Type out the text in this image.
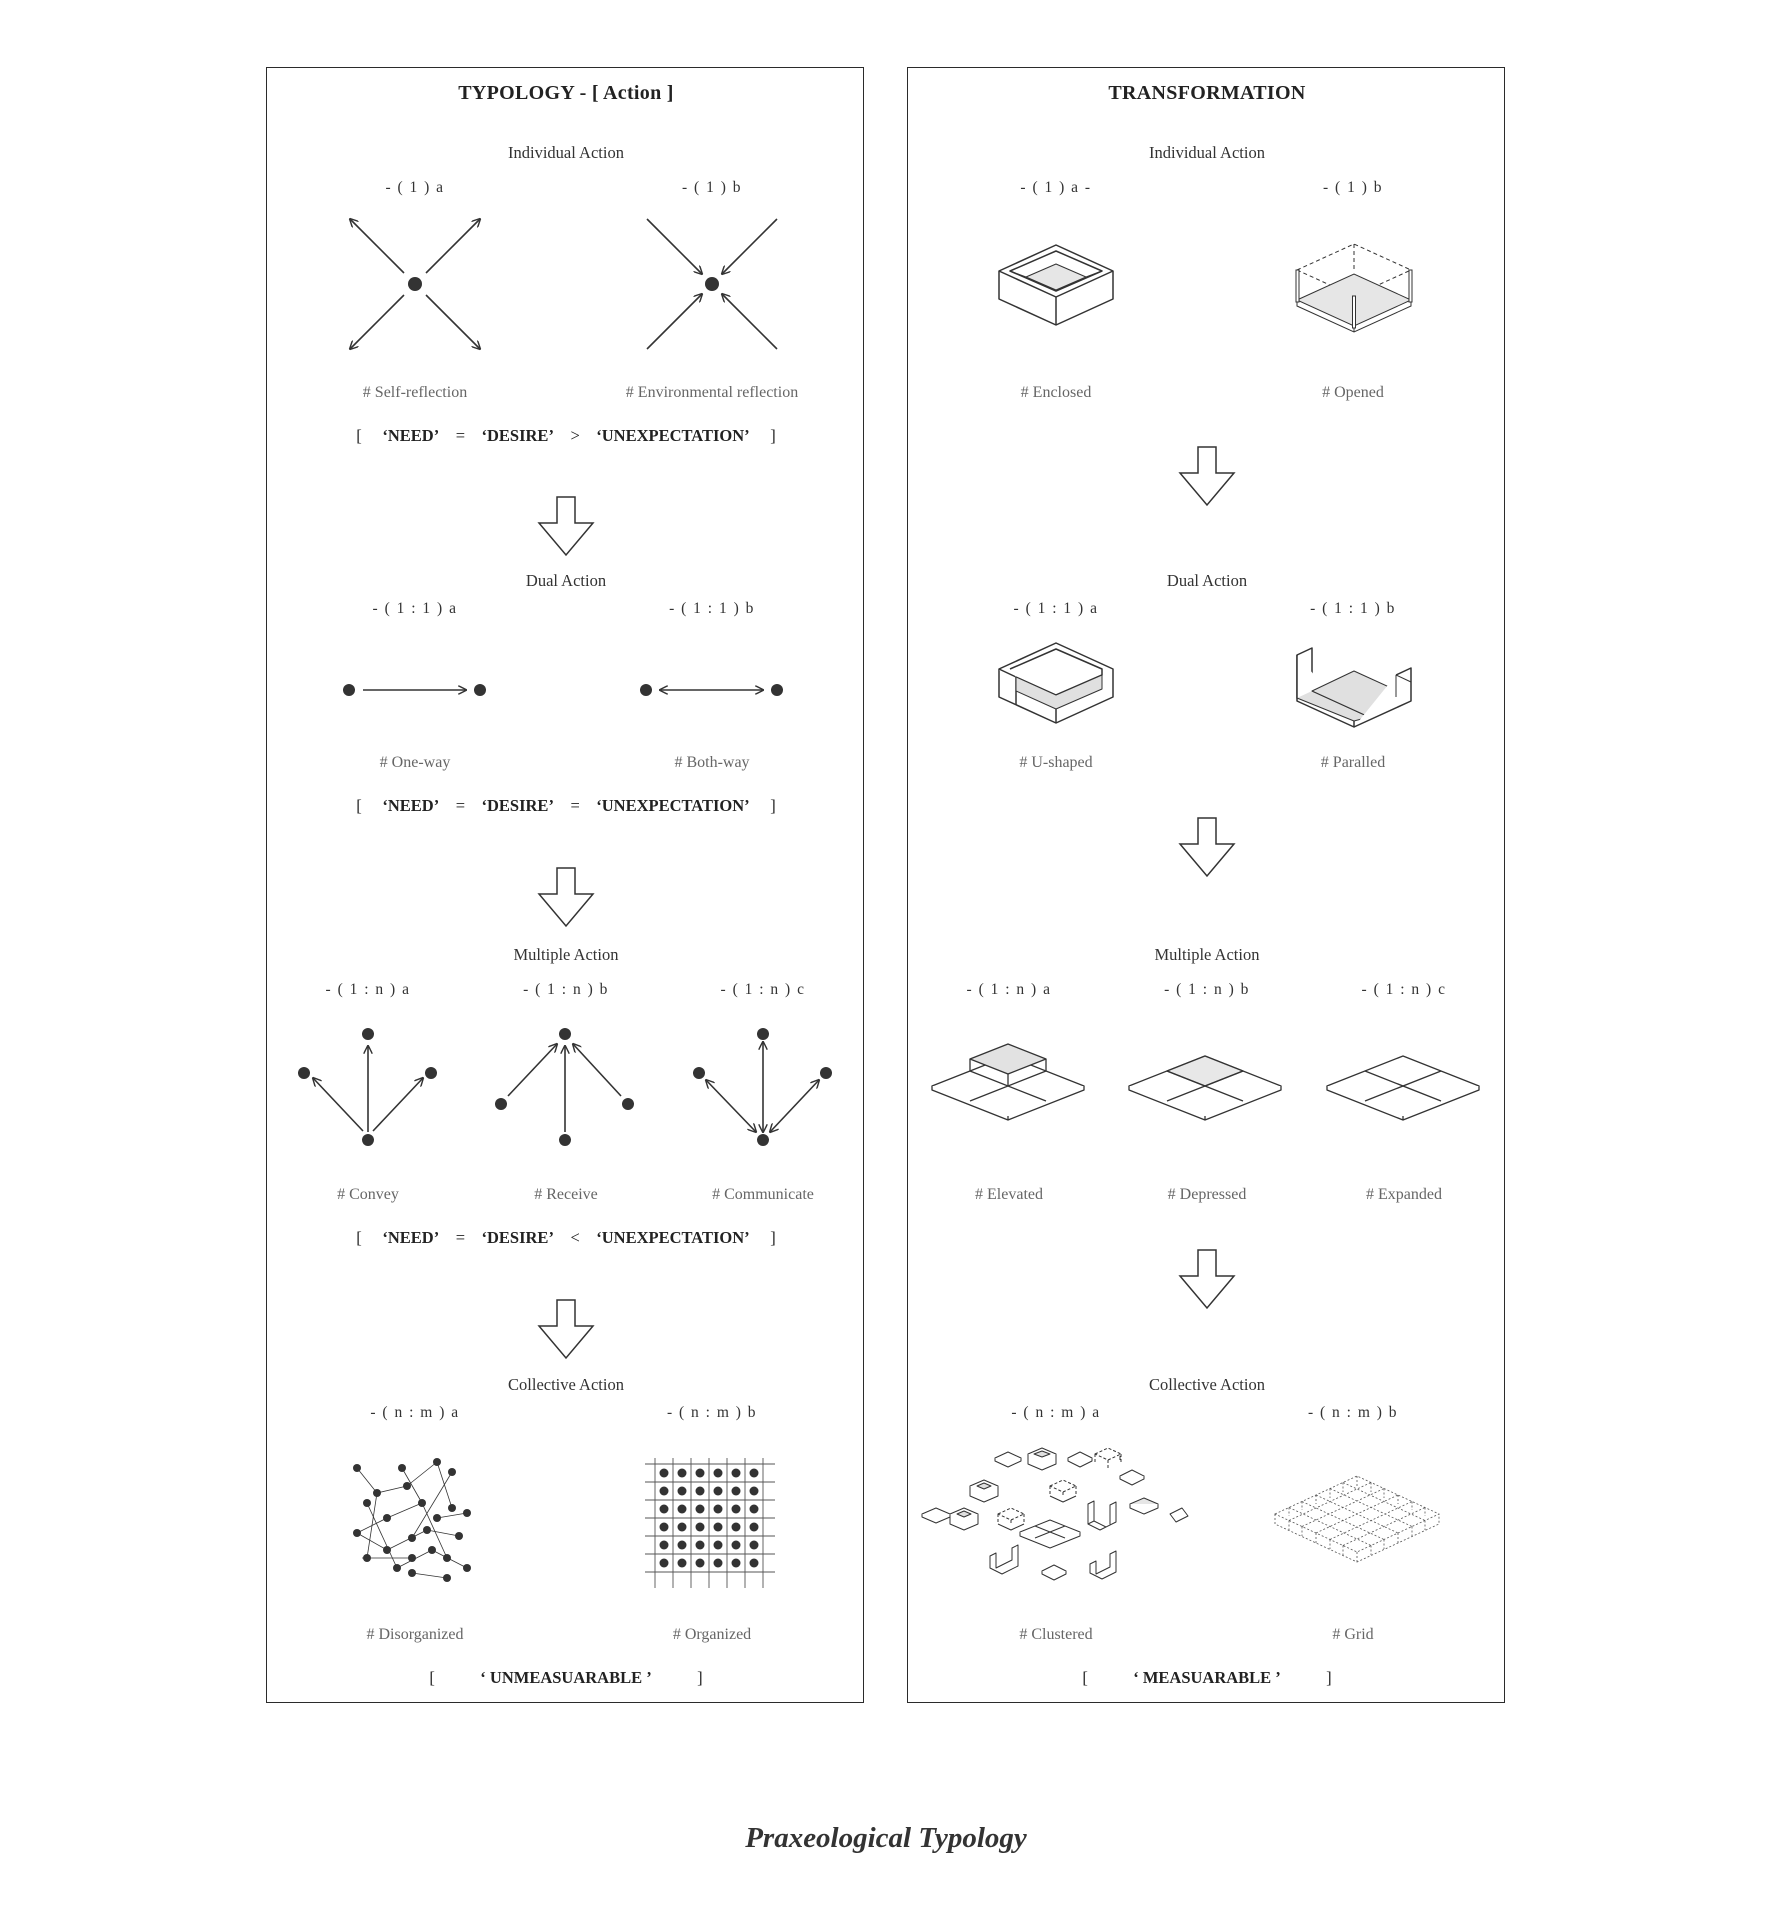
TYPOLOGY - [ Action ]
Individual Action
- ( 1 ) a	- ( 1 ) b
# Self-reflection	# Environmental reflection
[ ‘NEED’ = ‘DESIRE’ > ‘UNEXPECTATION’ ]
Dual Action
- ( 1 : 1 ) a	- ( 1 : 1 ) b
# One-way	# Both-way
[ ‘NEED’ = ‘DESIRE’ = ‘UNEXPECTATION’ ]
Multiple Action
- ( 1 : n ) a	- ( 1 : n ) b	- ( 1 : n ) c
# Convey	# Receive	# Communicate
[ ‘NEED’ = ‘DESIRE’ < ‘UNEXPECTATION’ ]
Collective Action
- ( n : m ) a	- ( n : m ) b
# Disorganized	# Organized
[	‘ UNMEASUARABLE ’	]
TRANSFORMATION
Individual Action
- ( 1 ) a -	- ( 1 ) b
# Enclosed	# Opened
Dual Action
- ( 1 : 1 ) a	- ( 1 : 1 ) b
# U-shaped	# Paralled
Multiple Action
- ( 1 : n ) a	- ( 1 : n ) b	- ( 1 : n ) c
# Elevated	# Depressed	# Expanded
Collective Action
- ( n : m ) a	- ( n : m ) b
# Clustered	# Grid
[	‘ MEASUARABLE ’	]
Praxeological Typology
